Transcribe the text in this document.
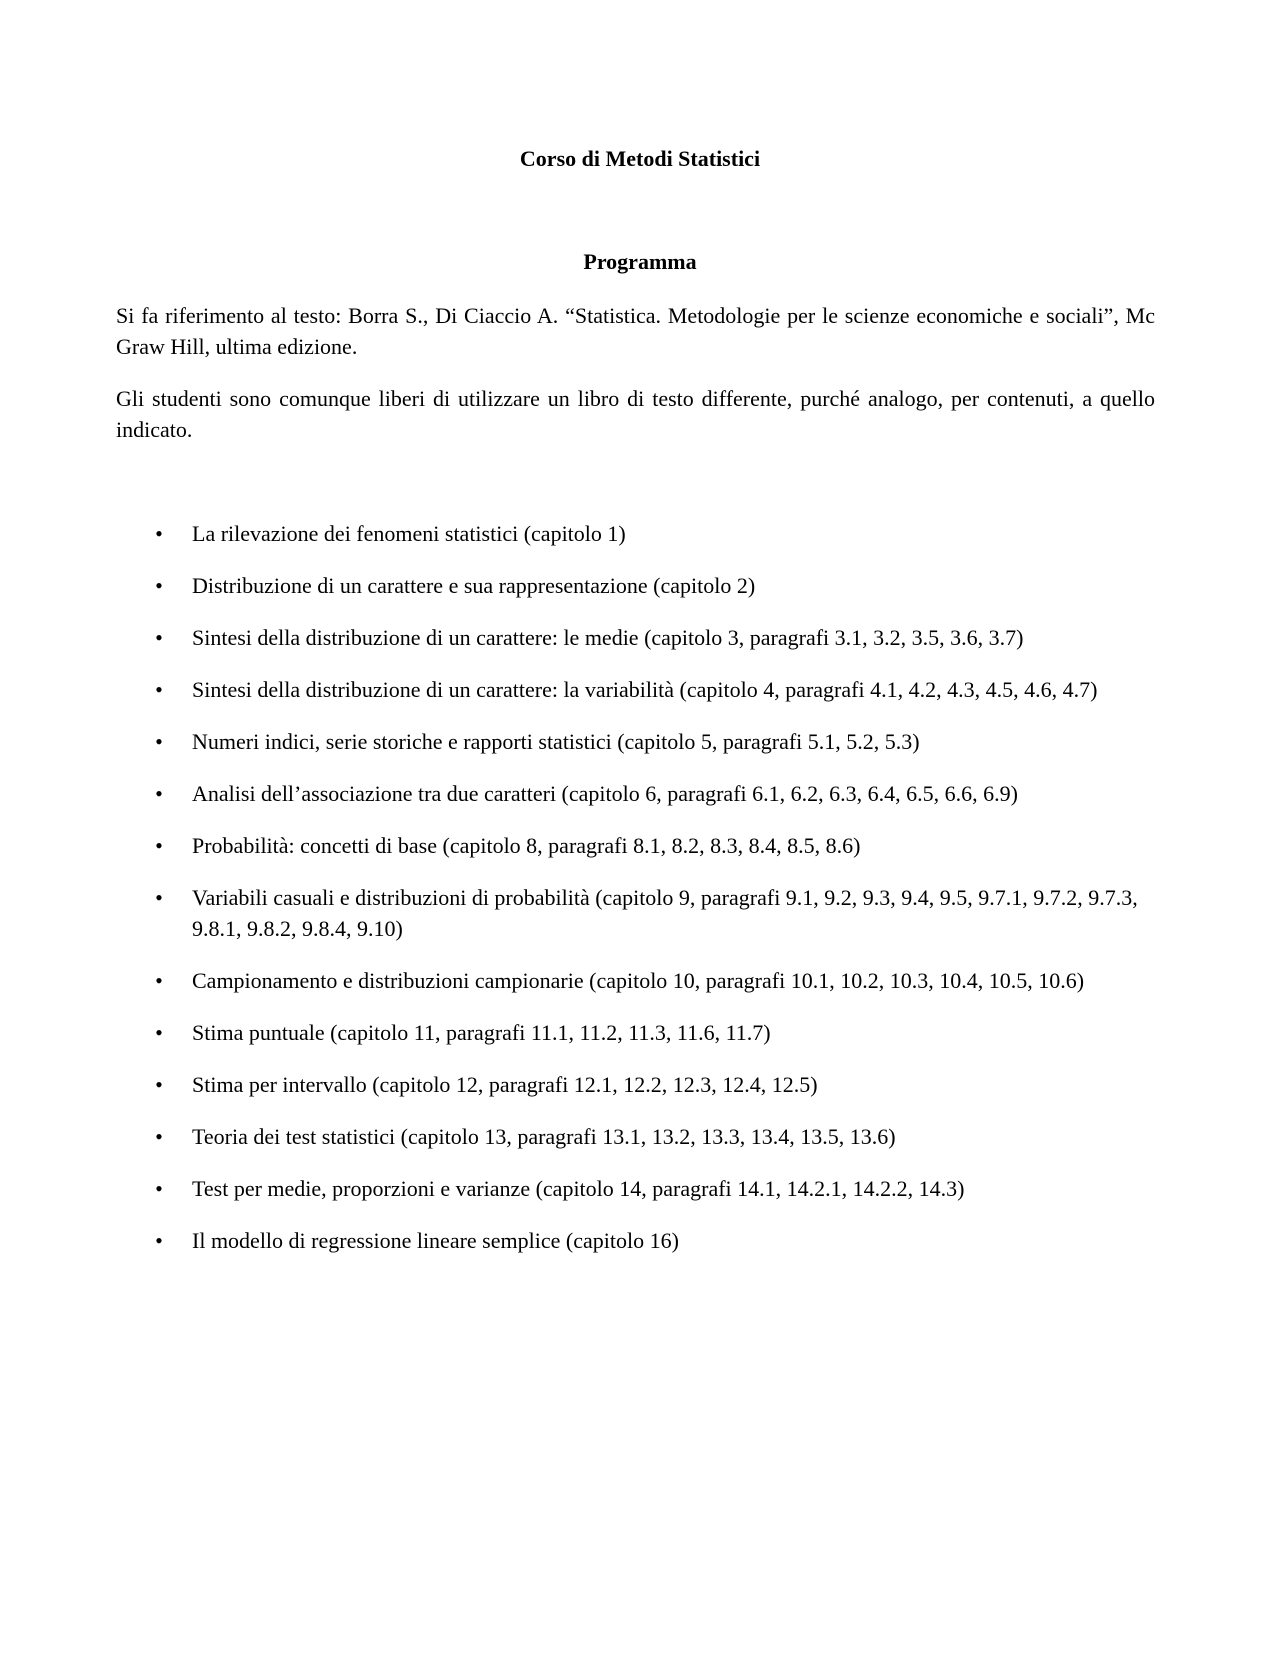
Corso di Metodi Statistici
Programma

Si fa riferimento al testo: Borra S., Di Ciaccio A. “Statistica. Metodologie per le scienze economiche e sociali”, Mc Graw Hill, ultima edizione.

Gli studenti sono comunque liberi di utilizzare un libro di testo differente, purché analogo, per contenuti, a quello indicato.

• La rilevazione dei fenomeni statistici (capitolo 1)
• Distribuzione di un carattere e sua rappresentazione (capitolo 2)
• Sintesi della distribuzione di un carattere: le medie (capitolo 3, paragrafi 3.1, 3.2, 3.5, 3.6, 3.7)
• Sintesi della distribuzione di un carattere: la variabilità (capitolo 4, paragrafi 4.1, 4.2, 4.3, 4.5, 4.6, 4.7)
• Numeri indici, serie storiche e rapporti statistici (capitolo 5, paragrafi 5.1, 5.2, 5.3)
• Analisi dell’associazione tra due caratteri (capitolo 6, paragrafi 6.1, 6.2, 6.3, 6.4, 6.5, 6.6, 6.9)
• Probabilità: concetti di base (capitolo 8, paragrafi 8.1, 8.2, 8.3, 8.4, 8.5, 8.6)
• Variabili casuali e distribuzioni di probabilità (capitolo 9, paragrafi 9.1, 9.2, 9.3, 9.4, 9.5, 9.7.1, 9.7.2, 9.7.3, 9.8.1, 9.8.2, 9.8.4, 9.10)
• Campionamento e distribuzioni campionarie (capitolo 10, paragrafi 10.1, 10.2, 10.3, 10.4, 10.5, 10.6)
• Stima puntuale (capitolo 11, paragrafi 11.1, 11.2, 11.3, 11.6, 11.7)
• Stima per intervallo (capitolo 12, paragrafi 12.1, 12.2, 12.3, 12.4, 12.5)
• Teoria dei test statistici (capitolo 13, paragrafi 13.1, 13.2, 13.3, 13.4, 13.5, 13.6)
• Test per medie, proporzioni e varianze (capitolo 14, paragrafi 14.1, 14.2.1, 14.2.2, 14.3)
• Il modello di regressione lineare semplice (capitolo 16)
